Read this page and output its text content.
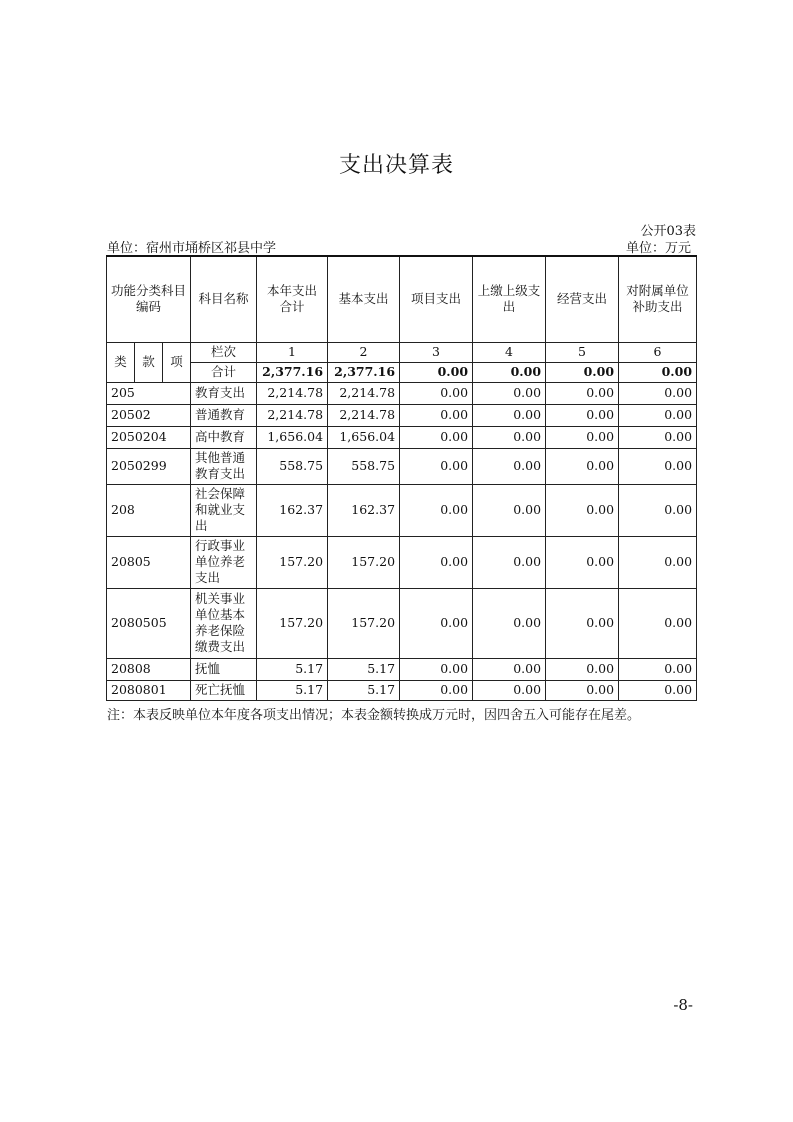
支出决算表
公开03表
单位：宿州市埇桥区祁县中学	单位：万元
功能分类科目编码			科目名称	本年支出合计	基本支出	项目支出	上缴上级支出	经营支出	对附属单位补助支出
类	款	项	栏次	1	2	3	4	5	6
			合计	2,377.16	2,377.16	0.00	0.00	0.00	0.00
205			教育支出	2,214.78	2,214.78	0.00	0.00	0.00	0.00
20502			普通教育	2,214.78	2,214.78	0.00	0.00	0.00	0.00
2050204			高中教育	1,656.04	1,656.04	0.00	0.00	0.00	0.00
2050299			其他普通教育支出	558.75	558.75	0.00	0.00	0.00	0.00
208			社会保障和就业支出	162.37	162.37	0.00	0.00	0.00	0.00
20805			行政事业单位养老支出	157.20	157.20	0.00	0.00	0.00	0.00
2080505			机关事业单位基本养老保险缴费支出	157.20	157.20	0.00	0.00	0.00	0.00
20808			抚恤	5.17	5.17	0.00	0.00	0.00	0.00
2080801			死亡抚恤	5.17	5.17	0.00	0.00	0.00	0.00
注：本表反映单位本年度各项支出情况；本表金额转换成万元时，因四舍五入可能存在尾差。
-8-
